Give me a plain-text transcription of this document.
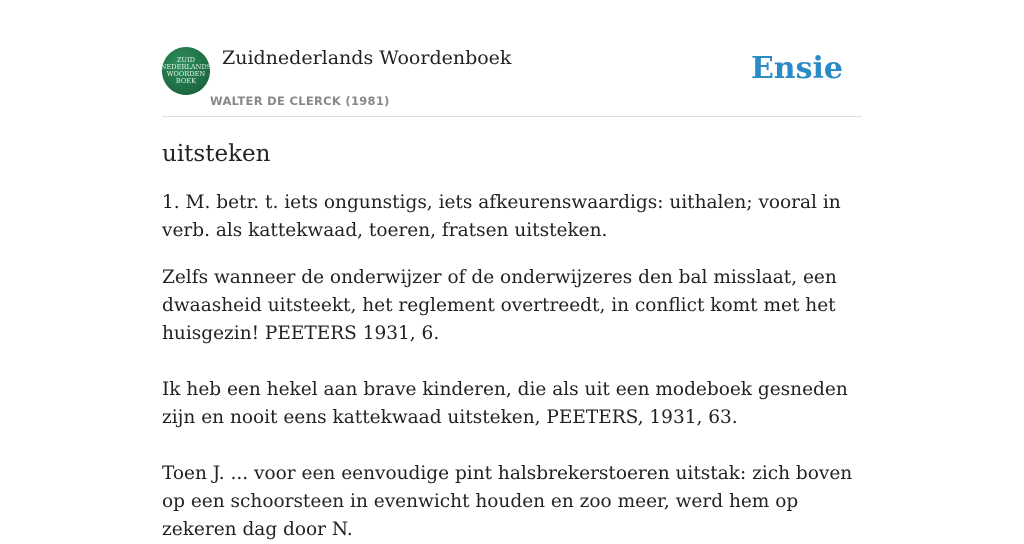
ZUID
NEDERLANDS
WOORDEN
BOEK
Zuidnederlands Woordenboek
WALTER DE CLERCK (1981)
Ensie
uitsteken

1. M. betr. t. iets ongunstigs, iets afkeurenswaardigs: uithalen; vooral in verb. als kattekwaad, toeren, fratsen uitsteken.

Zelfs wanneer de onderwijzer of de onderwijzeres den bal misslaat, een dwaasheid uitsteekt, het reglement overtreedt, in conflict komt met het huisgezin! PEETERS 1931, 6.

Ik heb een hekel aan brave kinderen, die als uit een modeboek gesneden zijn en nooit eens kattekwaad uitsteken, PEETERS, 1931, 63.

Toen J. ... voor een eenvoudige pint halsbrekerstoeren uitstak: zich boven op een schoorsteen in evenwicht houden en zoo meer, werd hem op zekeren dag door N.
